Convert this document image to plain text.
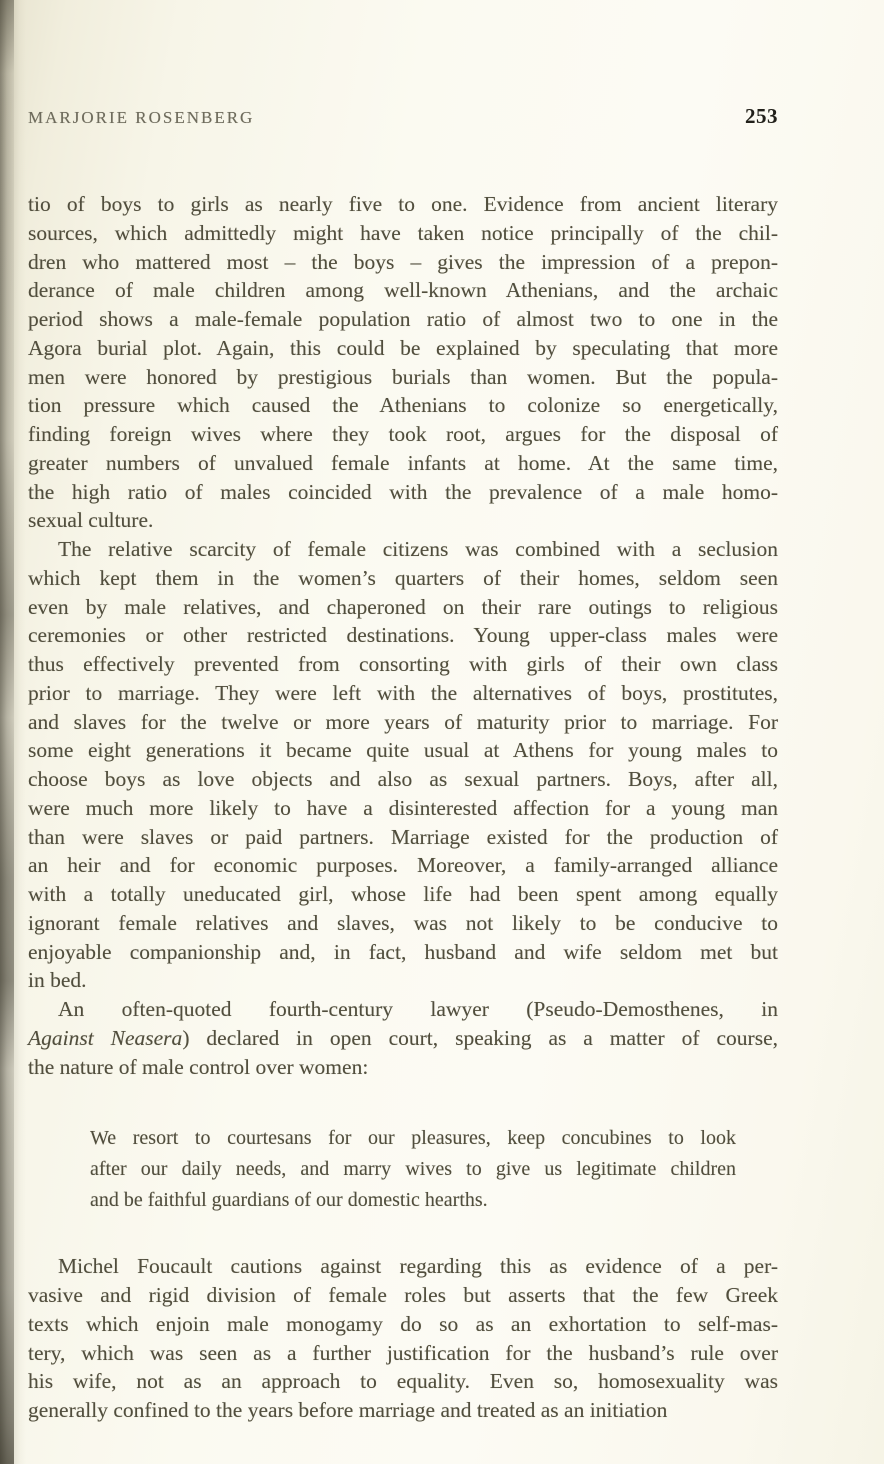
MARJORIE ROSENBERG	253
tio of boys to girls as nearly five to one. Evidence from ancient literary
sources, which admittedly might have taken notice principally of the chil-
dren who mattered most – the boys – gives the impression of a prepon-
derance of male children among well-known Athenians, and the archaic
period shows a male-female population ratio of almost two to one in the
Agora burial plot. Again, this could be explained by speculating that more
men were honored by prestigious burials than women. But the popula-
tion pressure which caused the Athenians to colonize so energetically,
finding foreign wives where they took root, argues for the disposal of
greater numbers of unvalued female infants at home. At the same time,
the high ratio of males coincided with the prevalence of a male homo-
sexual culture.
The relative scarcity of female citizens was combined with a seclusion
which kept them in the women’s quarters of their homes, seldom seen
even by male relatives, and chaperoned on their rare outings to religious
ceremonies or other restricted destinations. Young upper-class males were
thus effectively prevented from consorting with girls of their own class
prior to marriage. They were left with the alternatives of boys, prostitutes,
and slaves for the twelve or more years of maturity prior to marriage. For
some eight generations it became quite usual at Athens for young males to
choose boys as love objects and also as sexual partners. Boys, after all,
were much more likely to have a disinterested affection for a young man
than were slaves or paid partners. Marriage existed for the production of
an heir and for economic purposes. Moreover, a family-arranged alliance
with a totally uneducated girl, whose life had been spent among equally
ignorant female relatives and slaves, was not likely to be conducive to
enjoyable companionship and, in fact, husband and wife seldom met but
in bed.
An often-quoted fourth-century lawyer (Pseudo-Demosthenes, in
Against Neasera) declared in open court, speaking as a matter of course,
the nature of male control over women:
We resort to courtesans for our pleasures, keep concubines to look
after our daily needs, and marry wives to give us legitimate children
and be faithful guardians of our domestic hearths.
Michel Foucault cautions against regarding this as evidence of a per-
vasive and rigid division of female roles but asserts that the few Greek
texts which enjoin male monogamy do so as an exhortation to self-mas-
tery, which was seen as a further justification for the husband’s rule over
his wife, not as an approach to equality. Even so, homosexuality was
generally confined to the years before marriage and treated as an initiation
